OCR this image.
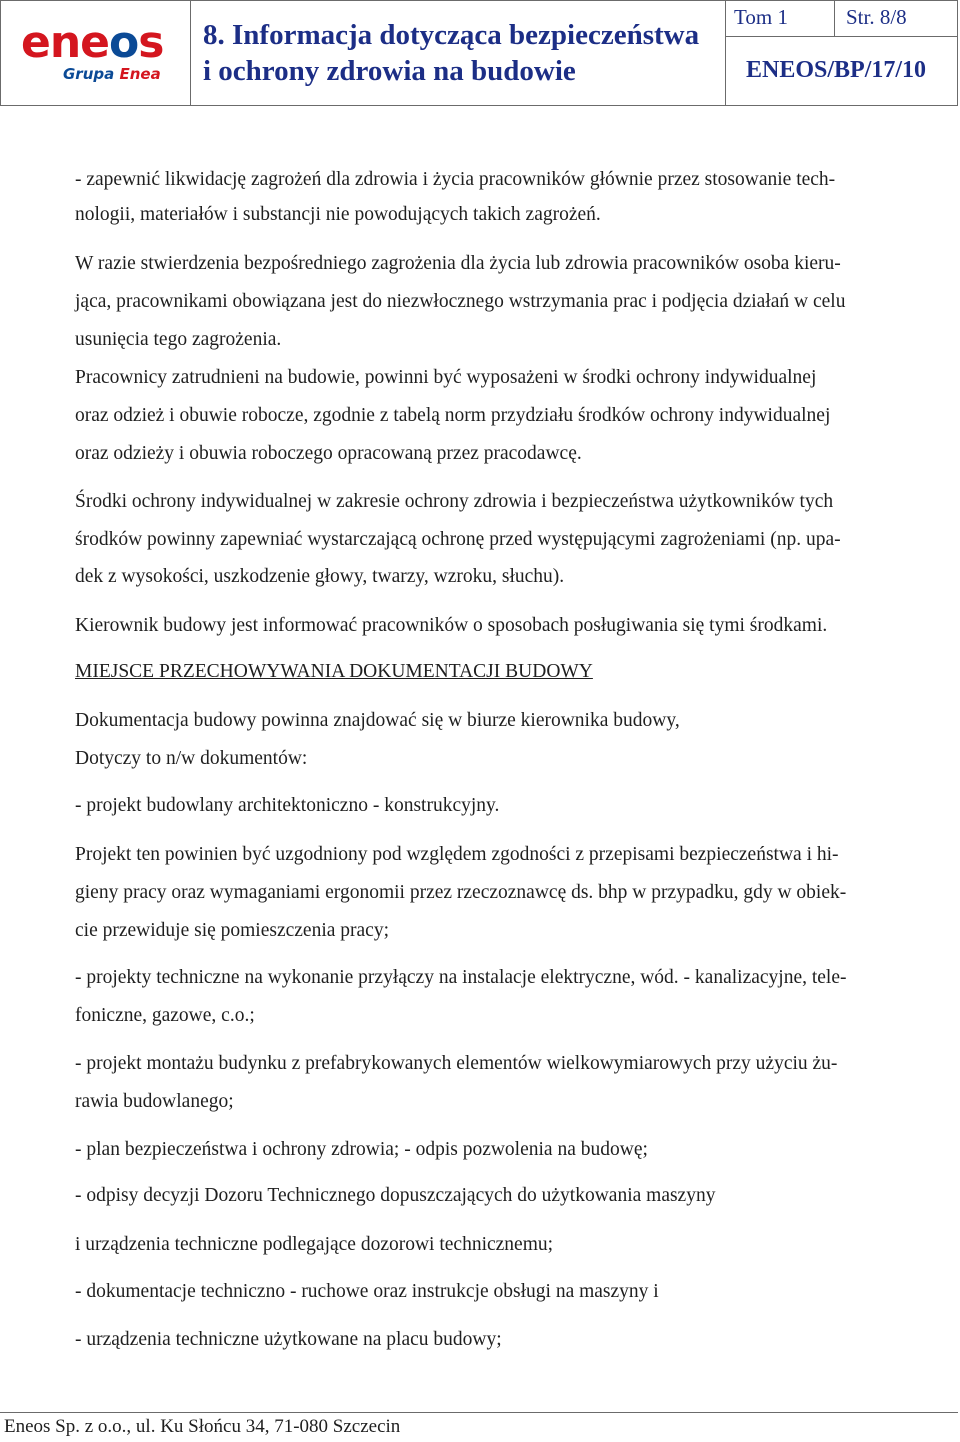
eneos
Grupa Enea
8. Informacja dotycząca bezpieczeństwa
i ochrony zdrowia na budowie
Tom 1	Str. 8/8
ENEOS/BP/17/10
- zapewnić likwidację zagrożeń dla zdrowia i życia pracowników głównie przez stosowanie tech-
nologii, materiałów i substancji nie powodujących takich zagrożeń.
W razie stwierdzenia bezpośredniego zagrożenia dla życia lub zdrowia pracowników osoba kieru-
jąca, pracownikami obowiązana jest do niezwłocznego wstrzymania prac i podjęcia działań w celu
usunięcia tego zagrożenia.
Pracownicy zatrudnieni na budowie, powinni być wyposażeni w środki ochrony indywidualnej
oraz odzież i obuwie robocze, zgodnie z tabelą norm przydziału środków ochrony indywidualnej
oraz odzieży i obuwia roboczego opracowaną przez pracodawcę.
Środki ochrony indywidualnej w zakresie ochrony zdrowia i bezpieczeństwa użytkowników tych
środków powinny zapewniać wystarczającą ochronę przed występującymi zagrożeniami (np. upa-
dek z wysokości, uszkodzenie głowy, twarzy, wzroku, słuchu).
Kierownik budowy jest informować pracowników o sposobach posługiwania się tymi środkami.
MIEJSCE PRZECHOWYWANIA DOKUMENTACJI BUDOWY
Dokumentacja budowy powinna znajdować się w biurze kierownika budowy,
Dotyczy to n/w dokumentów:
- projekt budowlany architektoniczno - konstrukcyjny.
Projekt ten powinien być uzgodniony pod względem zgodności z przepisami bezpieczeństwa i hi-
gieny pracy oraz wymaganiami ergonomii przez rzeczoznawcę ds. bhp w przypadku, gdy w obiek-
cie przewiduje się pomieszczenia pracy;
- projekty techniczne na wykonanie przyłączy na instalacje elektryczne, wód. - kanalizacyjne, tele-
foniczne, gazowe, c.o.;
- projekt montażu budynku z prefabrykowanych elementów wielkowymiarowych przy użyciu żu-
rawia budowlanego;
- plan bezpieczeństwa i ochrony zdrowia; - odpis pozwolenia na budowę;
- odpisy decyzji Dozoru Technicznego dopuszczających do użytkowania maszyny
i urządzenia techniczne podlegające dozorowi technicznemu;
- dokumentacje techniczno - ruchowe oraz instrukcje obsługi na maszyny i
- urządzenia techniczne użytkowane na placu budowy;
Eneos Sp. z o.o., ul. Ku Słońcu 34, 71-080 Szczecin
